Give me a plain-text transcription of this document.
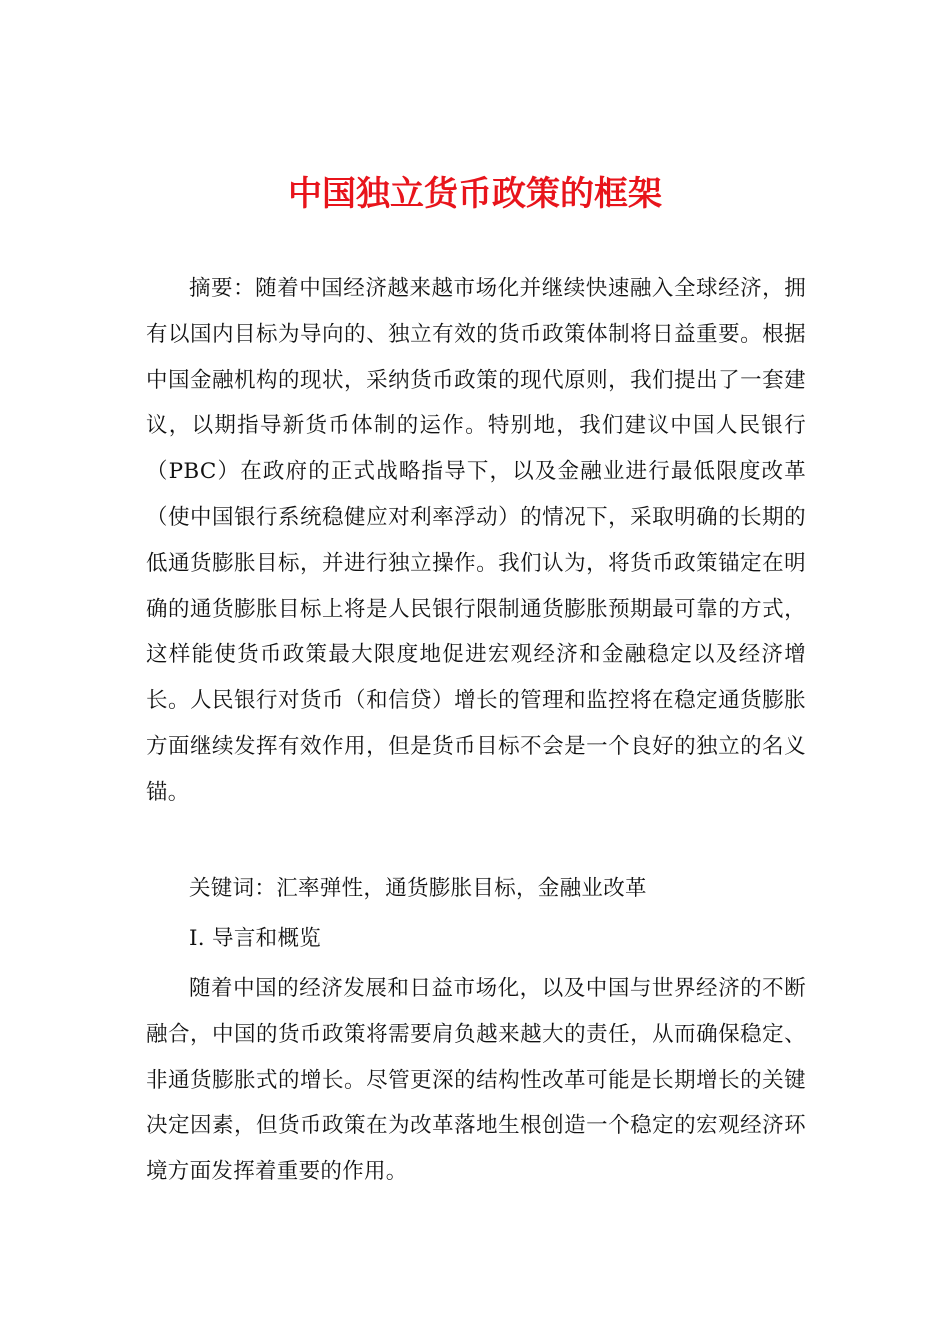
中国独立货币政策的框架

摘要：随着中国经济越来越市场化并继续快速融入全球经济，拥有以国内目标为导向的、独立有效的货币政策体制将日益重要。根据中国金融机构的现状，采纳货币政策的现代原则，我们提出了一套建议，以期指导新货币体制的运作。特别地，我们建议中国人民银行（PBC）在政府的正式战略指导下，以及金融业进行最低限度改革（使中国银行系统稳健应对利率浮动）的情况下，采取明确的长期的低通货膨胀目标，并进行独立操作。我们认为，将货币政策锚定在明确的通货膨胀目标上将是人民银行限制通货膨胀预期最可靠的方式，这样能使货币政策最大限度地促进宏观经济和金融稳定以及经济增长。人民银行对货币（和信贷）增长的管理和监控将在稳定通货膨胀方面继续发挥有效作用，但是货币目标不会是一个良好的独立的名义锚。

关键词：汇率弹性，通货膨胀目标，金融业改革

Ⅰ. 导言和概览

随着中国的经济发展和日益市场化，以及中国与世界经济的不断融合，中国的货币政策将需要肩负越来越大的责任，从而确保稳定、非通货膨胀式的增长。尽管更深的结构性改革可能是长期增长的关键决定因素，但货币政策在为改革落地生根创造一个稳定的宏观经济环境方面发挥着重要的作用。
